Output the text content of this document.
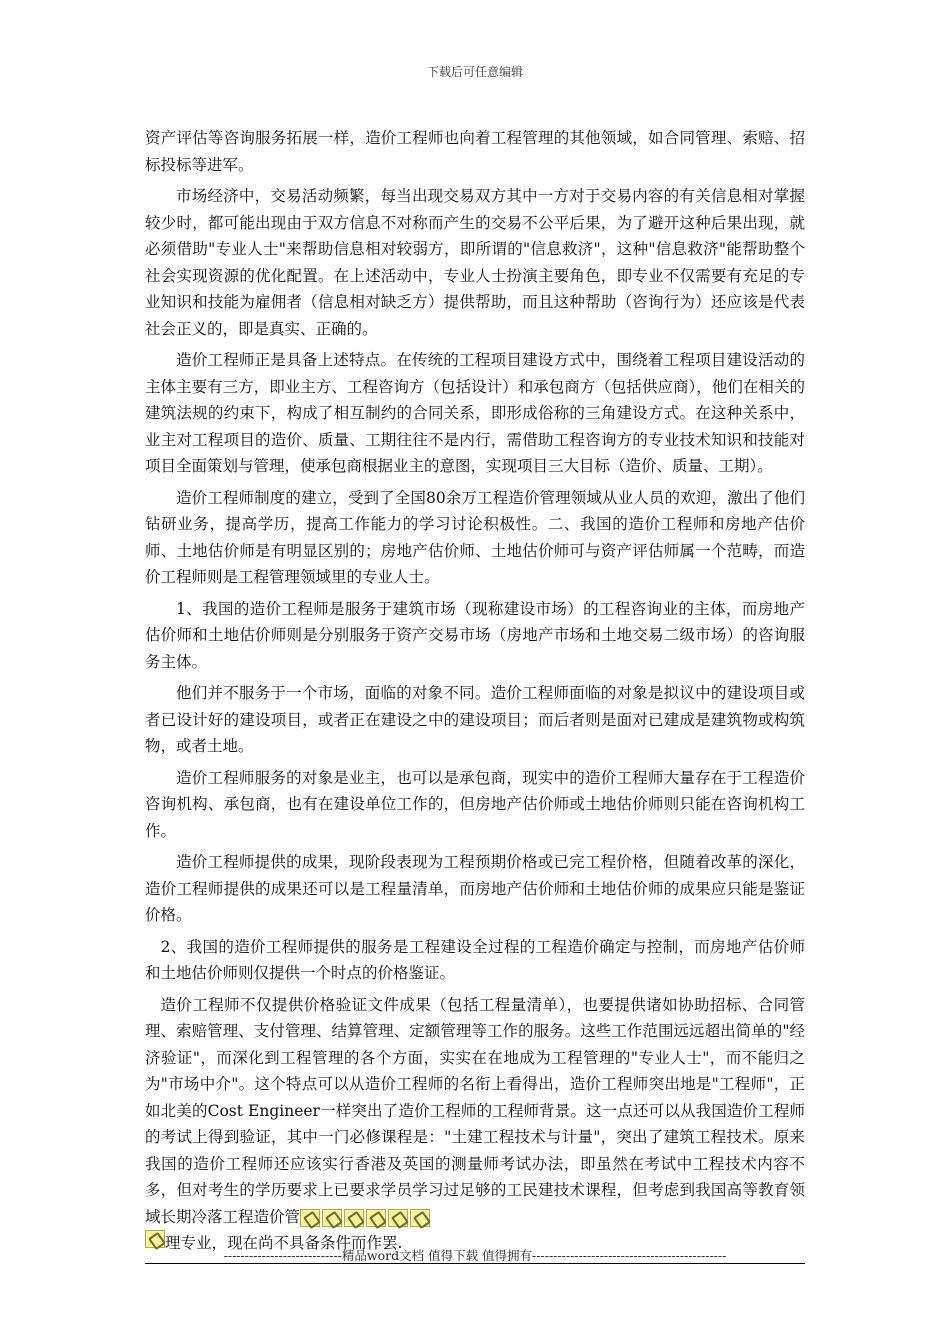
下载后可任意编辑

资产评估等咨询服务拓展一样，造价工程师也向着工程管理的其他领域，如合同管理、索赔、招标投标等进军。

市场经济中，交易活动频繁，每当出现交易双方其中一方对于交易内容的有关信息相对掌握较少时，都可能出现由于双方信息不对称而产生的交易不公平后果，为了避开这种后果出现，就必须借助"专业人士"来帮助信息相对较弱方，即所谓的"信息救济"，这种"信息救济"能帮助整个社会实现资源的优化配置。在上述活动中，专业人士扮演主要角色，即专业不仅需要有充足的专业知识和技能为雇佣者（信息相对缺乏方）提供帮助，而且这种帮助（咨询行为）还应该是代表社会正义的，即是真实、正确的。

造价工程师正是具备上述特点。在传统的工程项目建设方式中，围绕着工程项目建设活动的主体主要有三方，即业主方、工程咨询方（包括设计）和承包商方（包括供应商），他们在相关的建筑法规的约束下，构成了相互制约的合同关系，即形成俗称的三角建设方式。在这种关系中，业主对工程项目的造价、质量、工期往往不是内行，需借助工程咨询方的专业技术知识和技能对项目全面策划与管理，使承包商根据业主的意图，实现项目三大目标（造价、质量、工期）。

造价工程师制度的建立，受到了全国80余万工程造价管理领域从业人员的欢迎，激出了他们钻研业务，提高学历，提高工作能力的学习讨论积极性。二、我国的造价工程师和房地产估价师、土地估价师是有明显区别的；房地产估价师、土地估价师可与资产评估师属一个范畴，而造价工程师则是工程管理领域里的专业人士。

1、我国的造价工程师是服务于建筑市场（现称建设市场）的工程咨询业的主体，而房地产估价师和土地估价师则是分别服务于资产交易市场（房地产市场和土地交易二级市场）的咨询服务主体。

他们并不服务于一个市场，面临的对象不同。造价工程师面临的对象是拟议中的建设项目或者已设计好的建设项目，或者正在建设之中的建设项目；而后者则是面对已建成是建筑物或构筑物，或者土地。

造价工程师服务的对象是业主，也可以是承包商，现实中的造价工程师大量存在于工程造价咨询机构、承包商，也有在建设单位工作的，但房地产估价师或土地估价师则只能在咨询机构工作。

造价工程师提供的成果，现阶段表现为工程预期价格或已完工程价格，但随着改革的深化，造价工程师提供的成果还可以是工程量清单，而房地产估价师和土地估价师的成果应只能是鉴证价格。

2、我国的造价工程师提供的服务是工程建设全过程的工程造价确定与控制，而房地产估价师和土地估价师则仅提供一个时点的价格鉴证。

造价工程师不仅提供价格验证文件成果（包括工程量清单），也要提供诸如协助招标、合同管理、索赔管理、支付管理、结算管理、定额管理等工作的服务。这些工作范围远远超出简单的"经济验证"，而深化到工程管理的各个方面，实实在在地成为工程管理的"专业人士"，而不能归之为"市场中介"。这个特点可以从造价工程师的名衔上看得出，造价工程师突出地是"工程师"，正如北美的Cost Engineer一样突出了造价工程师的工程师背景。这一点还可以从我国造价工程师的考试上得到验证，其中一门必修课程是："土建工程技术与计量"，突出了建筑工程技术。原来我国的造价工程师还应该实行香港及英国的测量师考试办法，即虽然在考试中工程技术内容不多，但对考生的学历要求上已要求学员学习过足够的工民建技术课程，但考虑到我国高等教育领域长期冷落工程造价管

理专业，现在尚不具备条件而作罢.

----------------------------精品word文档 值得下载 值得拥有----------------------------------------------
